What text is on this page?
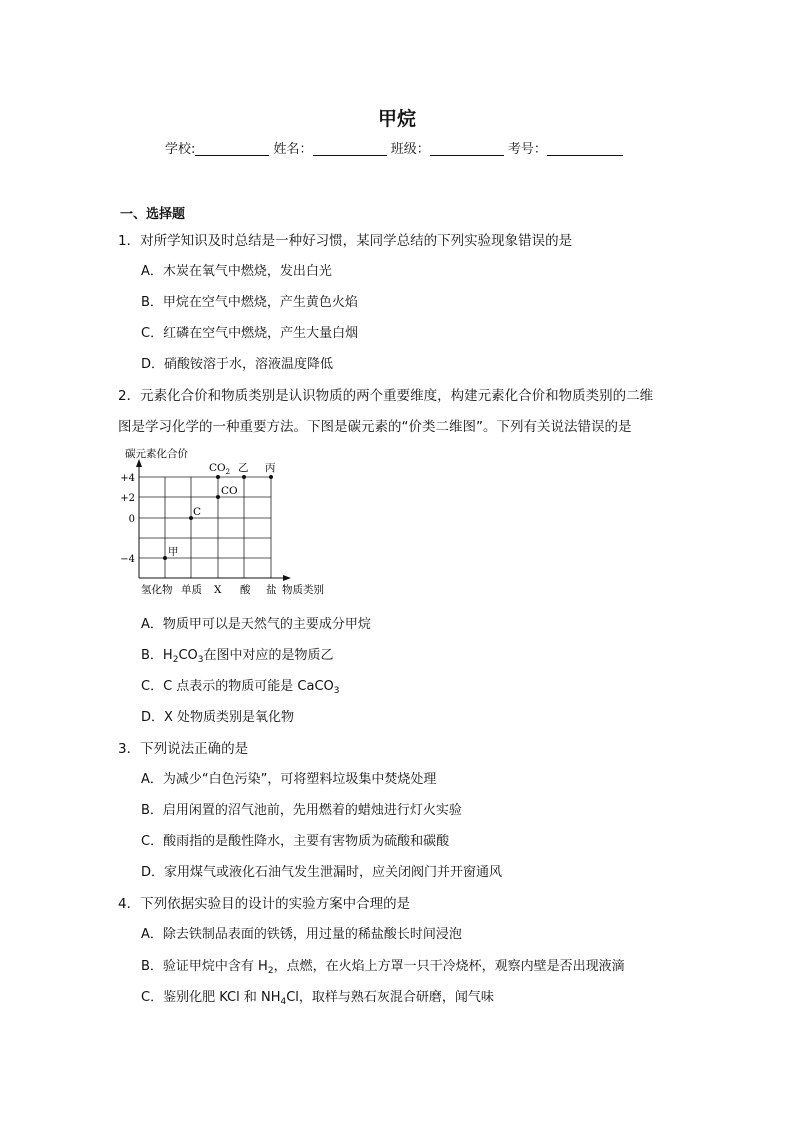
甲烷
学校:	姓名：	班级：	考号：
一、选择题
1．对所学知识及时总结是一种好习惯，某同学总结的下列实验现象错误的是
A．木炭在氧气中燃烧，发出白光
B．甲烷在空气中燃烧，产生黄色火焰
C．红磷在空气中燃烧，产生大量白烟
D．硝酸铵溶于水，溶液温度降低
2．元素化合价和物质类别是认识物质的两个重要维度，构建元素化合价和物质类别的二维
图是学习化学的一种重要方法。下图是碳元素的“价类二维图”。下列有关说法错误的是
碳元素化合价
+4
+2
0
−4
氢化物 单质 X 酸 盐 物质类别
甲
C
CO
$CO_2$ 乙 丙
A．物质甲可以是天然气的主要成分甲烷
B．$H_2CO_3$在图中对应的是物质乙
C．C 点表示的物质可能是 CaCO$_3$
D．X 处物质类别是氧化物
3．下列说法正确的是
A．为减少“白色污染”，可将塑料垃圾集中焚烧处理
B．启用闲置的沼气池前，先用燃着的蜡烛进行灯火实验
C．酸雨指的是酸性降水，主要有害物质为硫酸和碳酸
D．家用煤气或液化石油气发生泄漏时，应关闭阀门并开窗通风
4．下列依据实验目的设计的实验方案中合理的是
A．除去铁制品表面的铁锈，用过量的稀盐酸长时间浸泡
B．验证甲烷中含有 $H_2$，点燃，在火焰上方罩一只干冷烧杯，观察内壁是否出现液滴
C．鉴别化肥 KCl 和 $NH_4Cl$，取样与熟石灰混合研磨，闻气味
